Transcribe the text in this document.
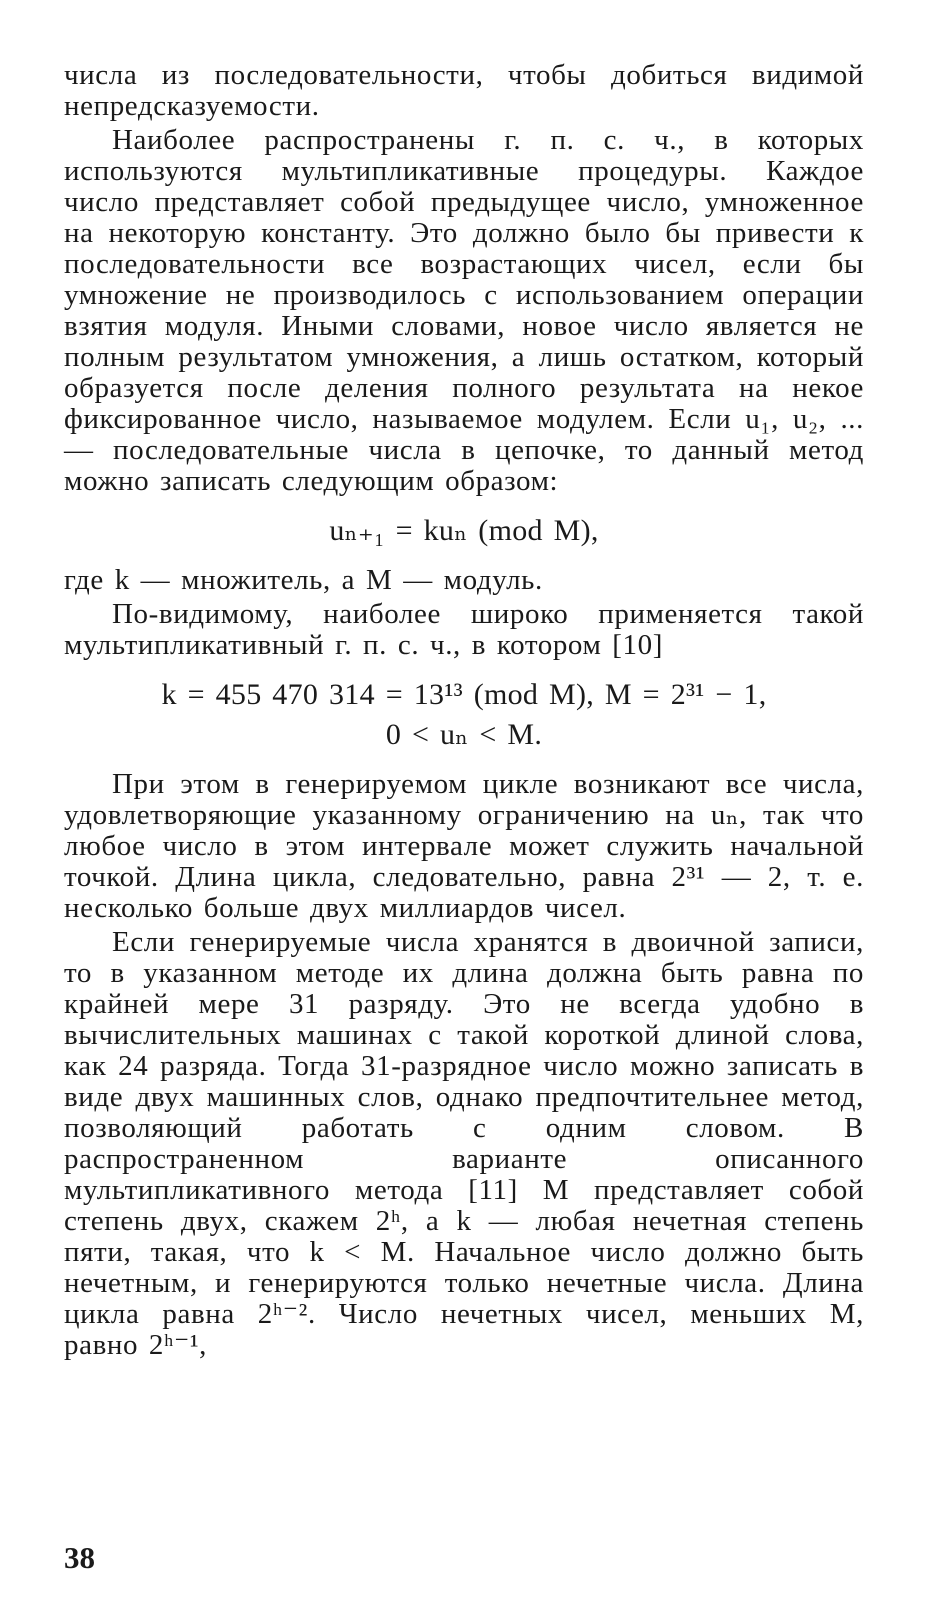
числа из последовательности, чтобы добиться видимой непредсказуемости.

Наиболее распространены г. п. с. ч., в которых используются мультипликативные процедуры. Каждое число представляет собой предыдущее число, умноженное на некоторую константу. Это должно было бы привести к последовательности все возрастающих чисел, если бы умножение не производилось с использованием операции взятия модуля. Иными словами, новое число является не полным результатом умножения, а лишь остатком, который образуется после деления полного результата на некое фиксированное число, называемое модулем. Если u₁, u₂, ... — последовательные числа в цепочке, то данный метод можно записать следующим образом:

uₙ₊₁ = kuₙ (mod M),

где k — множитель, а M — модуль.

По-видимому, наиболее широко применяется такой мультипликативный г. п. с. ч., в котором [10]

k = 455 470 314 = 13¹³ (mod M), M = 2³¹ − 1,
0 < uₙ < M.

При этом в генерируемом цикле возникают все числа, удовлетворяющие указанному ограничению на uₙ, так что любое число в этом интервале может служить начальной точкой. Длина цикла, следовательно, равна 2³¹ — 2, т. е. несколько больше двух миллиардов чисел.

Если генерируемые числа хранятся в двоичной записи, то в указанном методе их длина должна быть равна по крайней мере 31 разряду. Это не всегда удобно в вычислительных машинах с такой короткой длиной слова, как 24 разряда. Тогда 31-разрядное число можно записать в виде двух машинных слов, однако предпочтительнее метод, позволяющий работать с одним словом. В распространенном варианте описанного мультипликативного метода [11] M представляет собой степень двух, скажем 2ʰ, а k — любая нечетная степень пяти, такая, что k < M. Начальное число должно быть нечетным, и генерируются только нечетные числа. Длина цикла равна 2ʰ⁻². Число нечетных чисел, меньших M, равно 2ʰ⁻¹,

38
